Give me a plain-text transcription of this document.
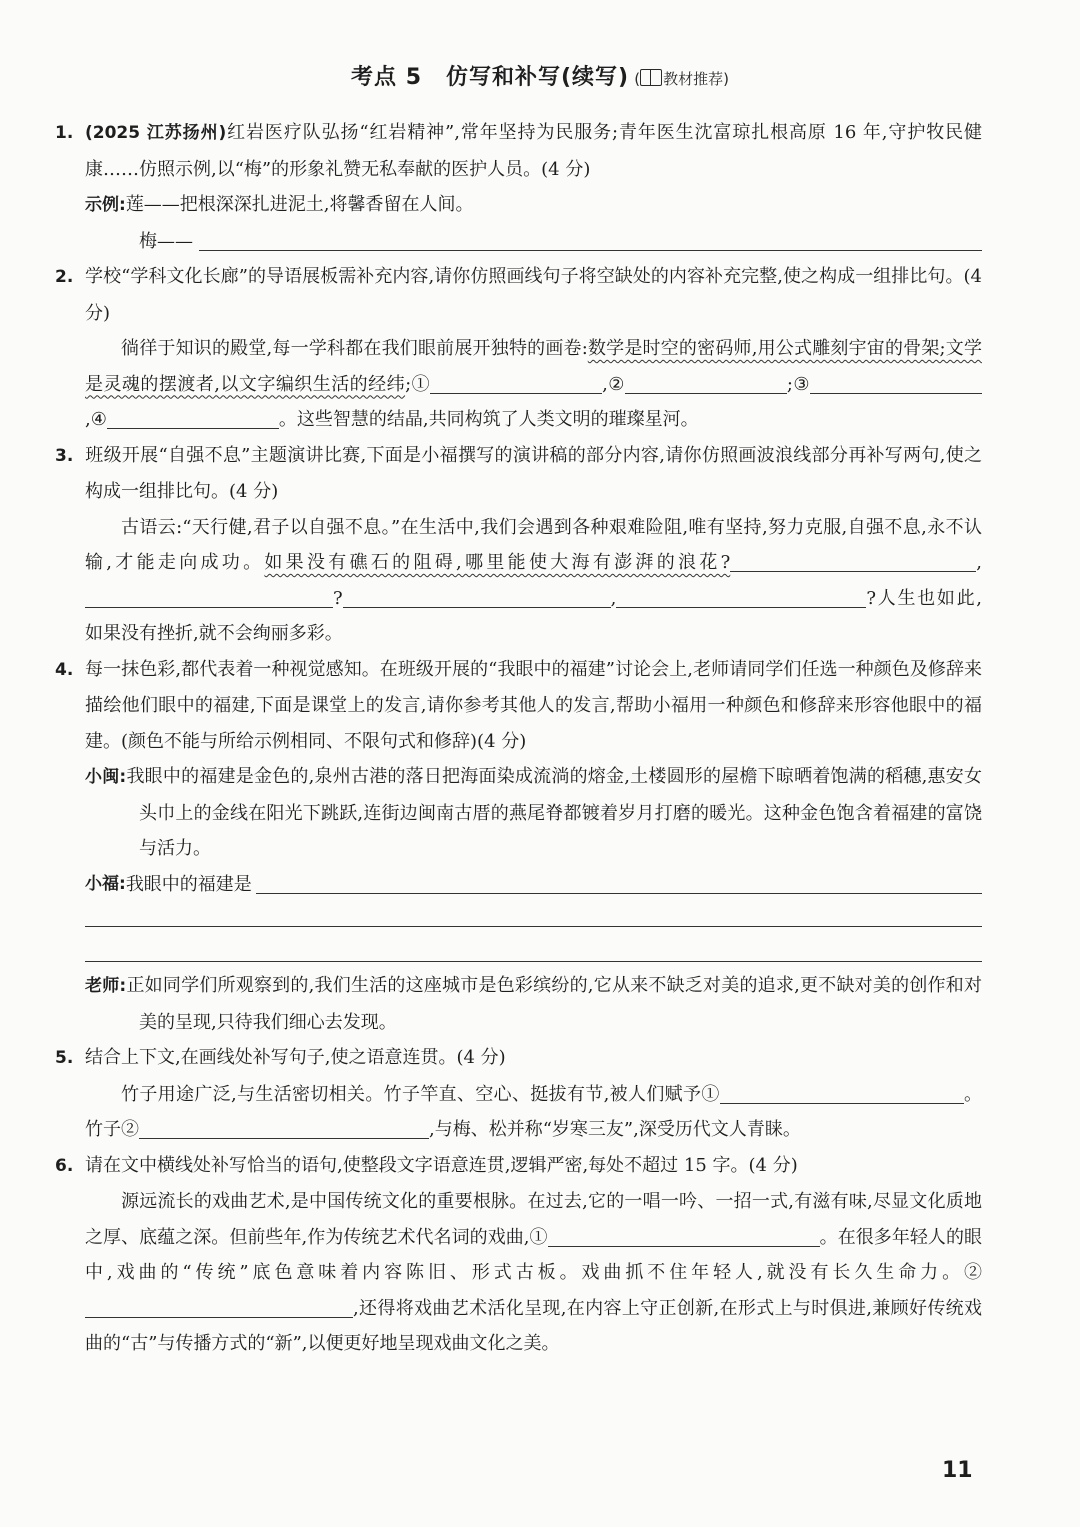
考点 5 仿写和补写(续写) ( 教材推荐)

1. (2025 江苏扬州)红岩医疗队弘扬“红岩精神”,常年坚持为民服务;青年医生沈富琼扎根高原 16 年,守护牧民健康……仿照示例,以“梅”的形象礼赞无私奉献的医护人员。(4 分)

示例:莲——把根深深扎进泥土,将馨香留在人间。

梅——

2. 学校“学科文化长廊”的导语展板需补充内容,请你仿照画线句子将空缺处的内容补充完整,使之构成一组排比句。(4 分)

徜徉于知识的殿堂,每一学科都在我们眼前展开独特的画卷:数学是时空的密码师,用公式雕刻宇宙的骨架;文学是灵魂的摆渡者,以文字编织生活的经纬;①	,②	;③,④	。这些智慧的结晶,共同构筑了人类文明的璀璨星河。

3. 班级开展“自强不息”主题演讲比赛,下面是小福撰写的演讲稿的部分内容,请你仿照画波浪线部分再补写两句,使之构成一组排比句。(4 分)

古语云:“天行健,君子以自强不息。”在生活中,我们会遇到各种艰难险阻,唯有坚持,努力克服,自强不息,永不认输,才能走向成功。如果没有礁石的阻碍,哪里能使大海有澎湃的浪花?	,?	,	?人生也如此,如果没有挫折,就不会绚丽多彩。

4. 每一抹色彩,都代表着一种视觉感知。在班级开展的“我眼中的福建”讨论会上,老师请同学们任选一种颜色及修辞来描绘他们眼中的福建,下面是课堂上的发言,请你参考其他人的发言,帮助小福用一种颜色和修辞来形容他眼中的福建。(颜色不能与所给示例相同、不限句式和修辞)(4 分)

小闽:我眼中的福建是金色的,泉州古港的落日把海面染成流淌的熔金,土楼圆形的屋檐下晾晒着饱满的稻穗,惠安女头巾上的金线在阳光下跳跃,连街边闽南古厝的燕尾脊都镀着岁月打磨的暖光。这种金色饱含着福建的富饶与活力。

小福: 我眼中的福建是

老师:正如同学们所观察到的,我们生活的这座城市是色彩缤纷的,它从来不缺乏对美的追求,更不缺对美的创作和对美的呈现,只待我们细心去发现。

5. 结合上下文,在画线处补写句子,使之语意连贯。(4 分)

竹子用途广泛,与生活密切相关。竹子竿直、空心、挺拔有节,被人们赋予①	。竹子②	,与梅、松并称“岁寒三友”,深受历代文人青睐。

6. 请在文中横线处补写恰当的语句,使整段文字语意连贯,逻辑严密,每处不超过 15 字。(4 分)

源远流长的戏曲艺术,是中国传统文化的重要根脉。在过去,它的一唱一吟、一招一式,有滋有味,尽显文化质地之厚、底蕴之深。但前些年,作为传统艺术代名词的戏曲,①	。在很多年轻人的眼中,戏曲的“传统”底色意味着内容陈旧、形式古板。戏曲抓不住年轻人,就没有长久生命力。②,还得将戏曲艺术活化呈现,在内容上守正创新,在形式上与时俱进,兼顾好传统戏曲的“古”与传播方式的“新”,以便更好地呈现戏曲文化之美。

11
